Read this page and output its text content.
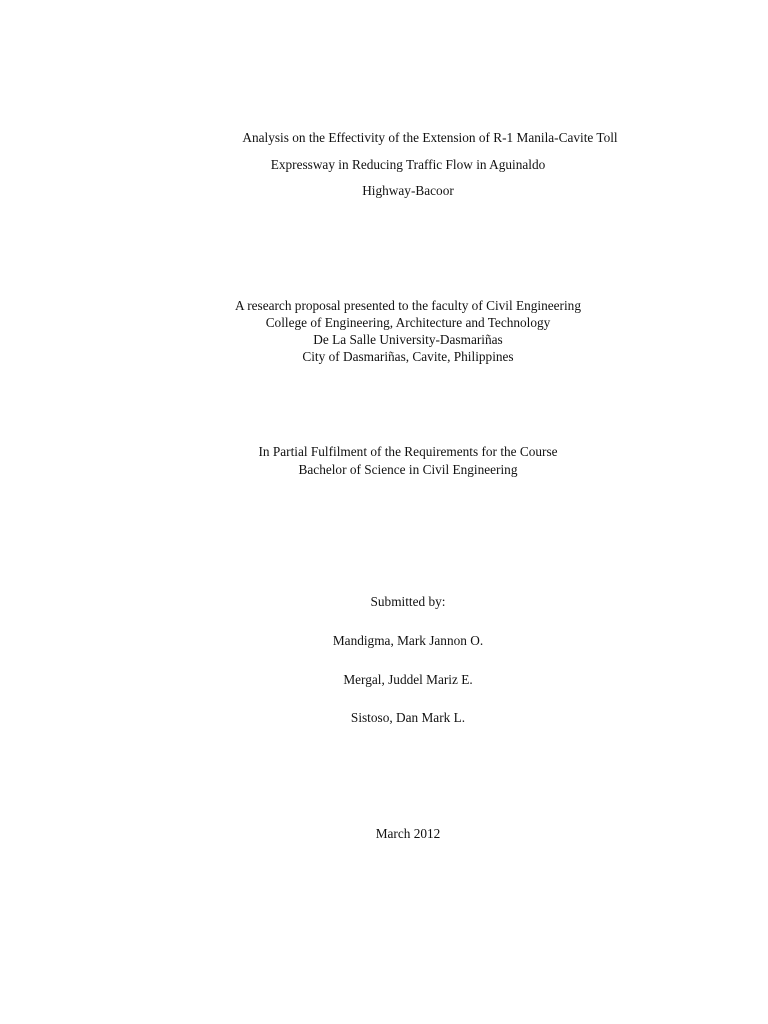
Analysis on the Effectivity of the Extension of R-1 Manila-Cavite Toll
Expressway in Reducing Traffic Flow in Aguinaldo
Highway-Bacoor
A research proposal presented to the faculty of Civil Engineering
College of Engineering, Architecture and Technology
De La Salle University-Dasmariñas
City of Dasmariñas, Cavite, Philippines
In Partial Fulfilment of the Requirements for the Course
Bachelor of Science in Civil Engineering
Submitted by:
Mandigma, Mark Jannon O.
Mergal, Juddel Mariz E.
Sistoso, Dan Mark L.
March 2012
